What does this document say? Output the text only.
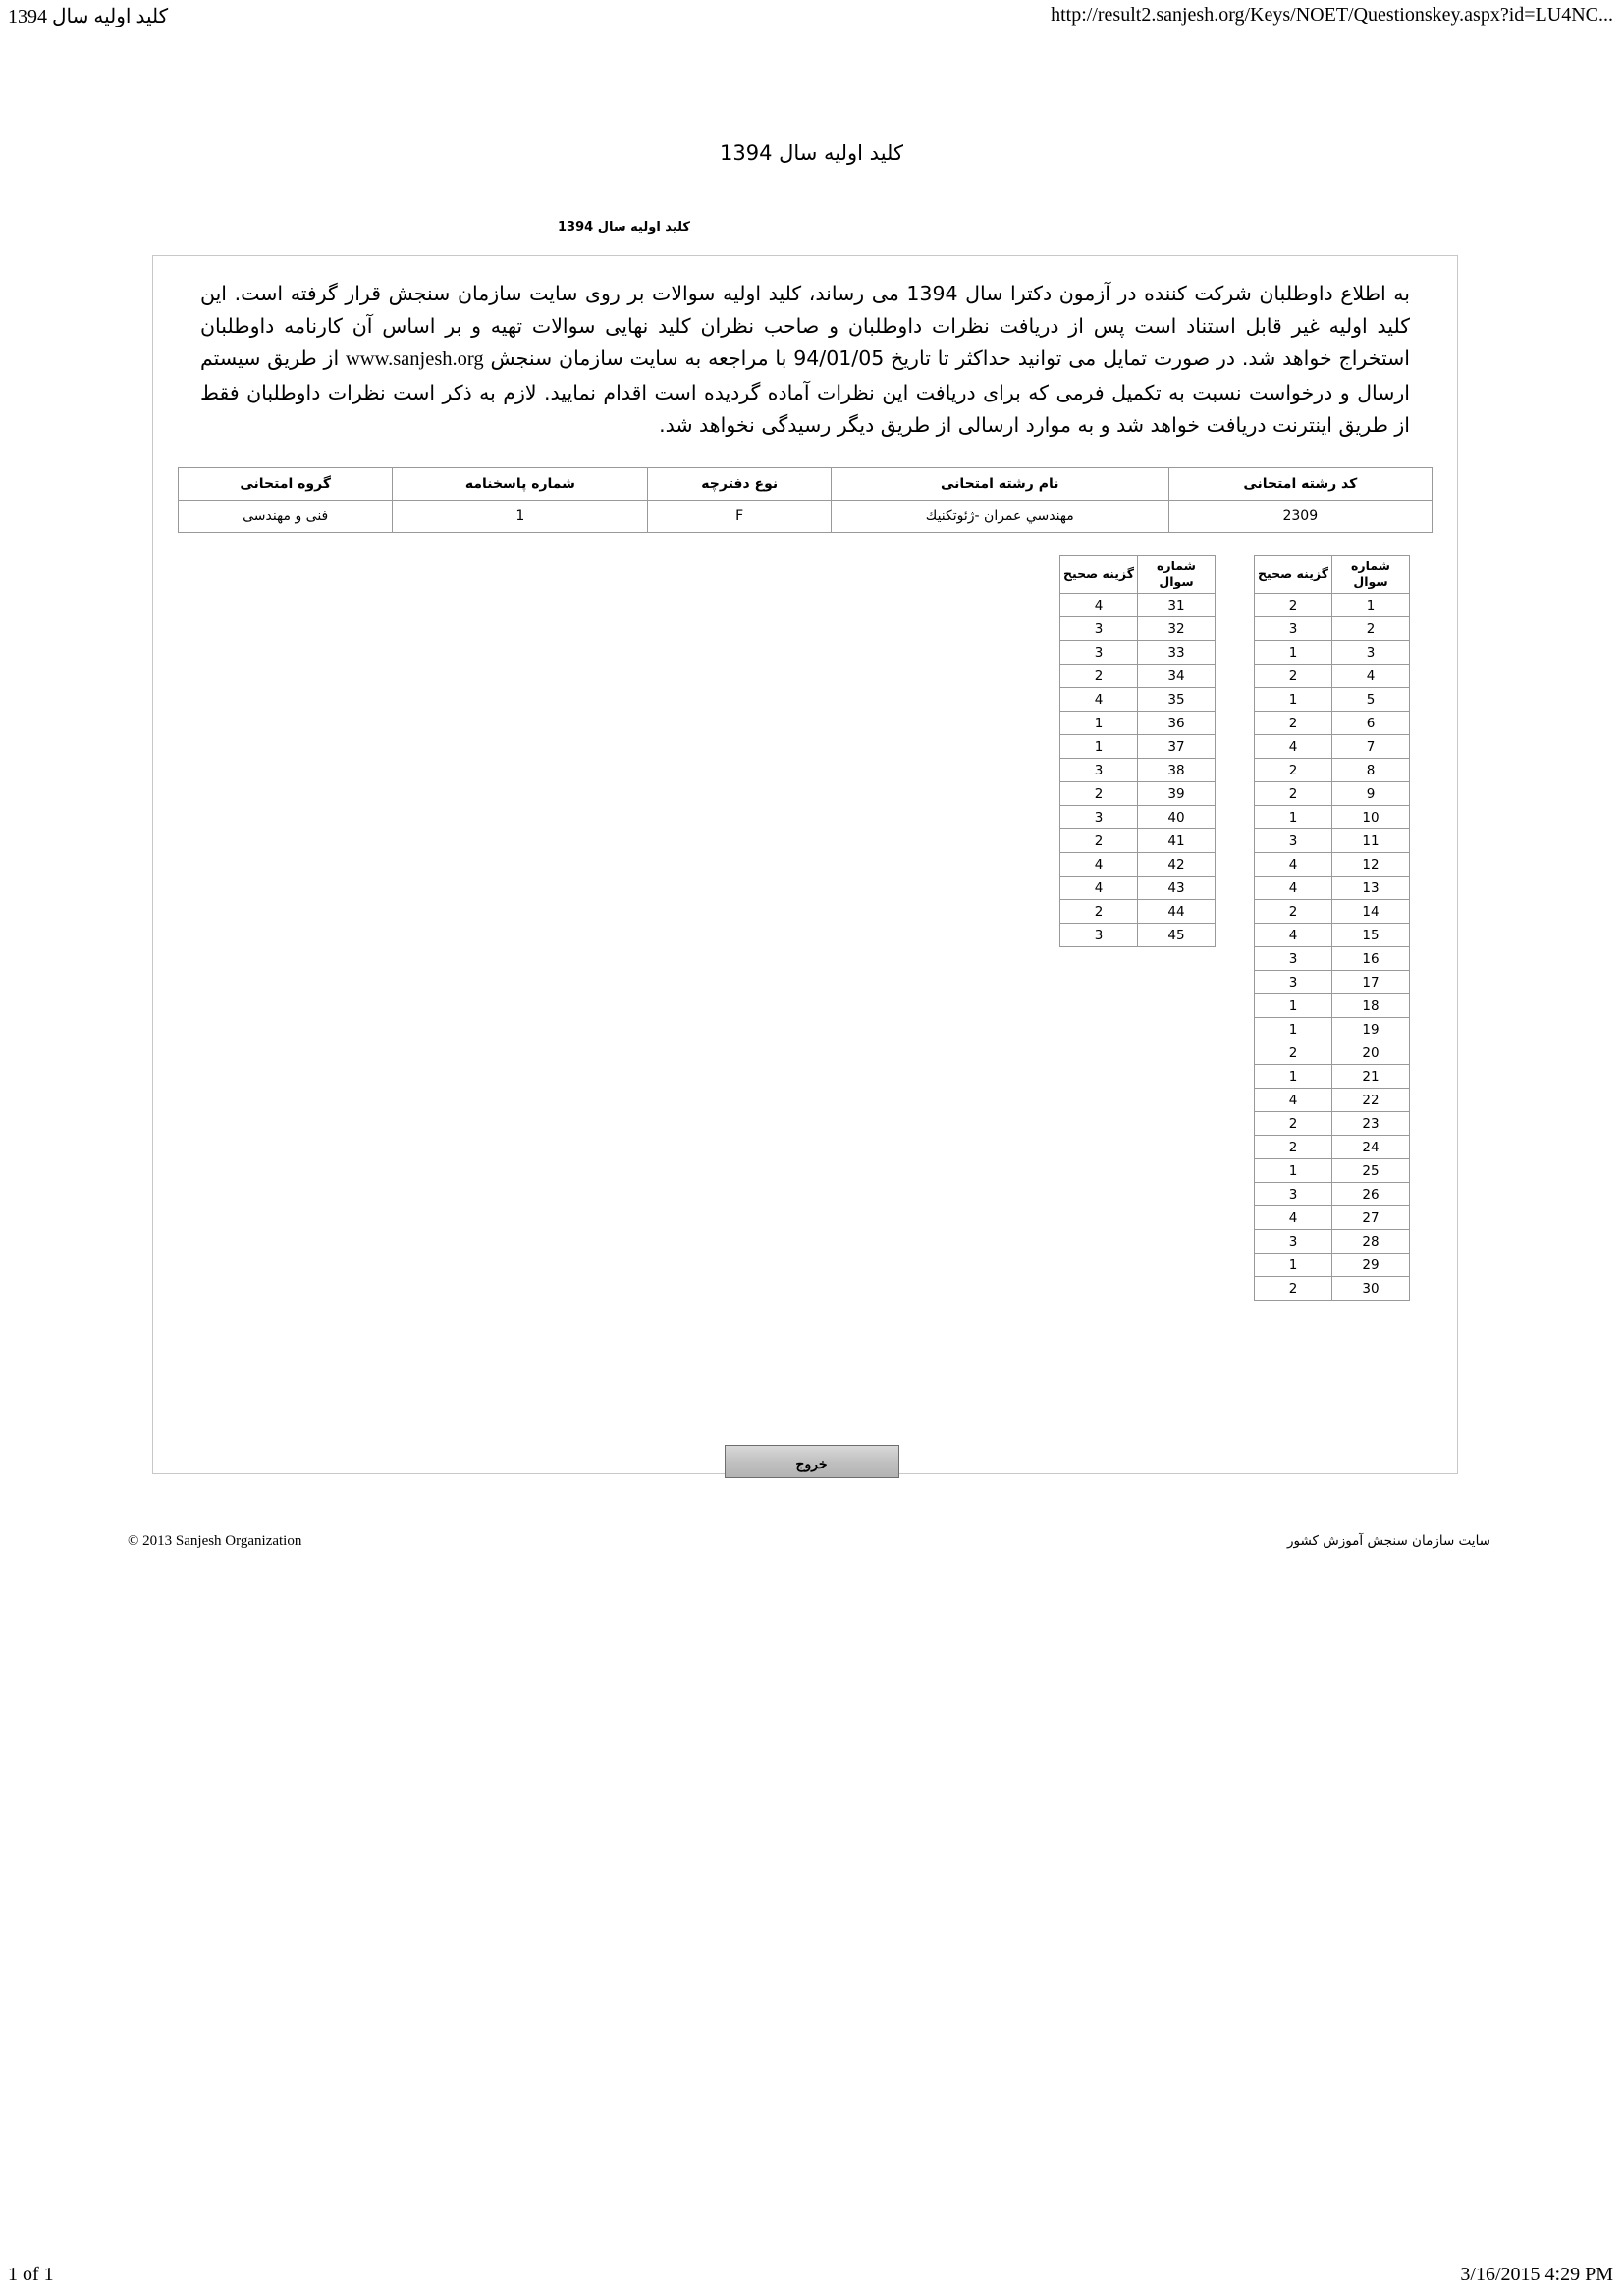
کلید اولیه سال 1394	http://result2.sanjesh.org/Keys/NOET/Questionskey.aspx?id=LU4NC...
کلید اولیه سال 1394
کلید اولیه سال 1394

به اطلاع داوطلبان شرکت کننده در آزمون دکترا سال 1394 می رساند، کلید اولیه سوالات بر روی سایت سازمان سنجش قرار گرفته است. این کلید اولیه غیر قابل استناد است پس از دریافت نظرات داوطلبان و صاحب نظران کلید نهایی سوالات تهیه و بر اساس آن کارنامه داوطلبان استخراج خواهد شد. در صورت تمایل می توانید حداکثر تا تاریخ 94/01/05 با مراجعه به سایت سازمان سنجش www.sanjesh.org از طریق سیستم ارسال و درخواست نسبت به تکمیل فرمی که برای دریافت این نظرات آماده گردیده است اقدام نمایید. لازم به ذکر است نظرات داوطلبان فقط از طریق اینترنت دریافت خواهد شد و به موارد ارسالی از طریق دیگر رسیدگی نخواهد شد.

کد رشته امتحانی	نام رشته امتحانی	نوع دفترچه	شماره پاسخنامه	گروه امتحانی
2309	مهندسي عمران -ژئوتكنيك	F	1	فنی و مهندسی
شماره سوال	گزینه صحیح
1	2
2	3
3	1
4	2
5	1
6	2
7	4
8	2
9	2
10	1
11	3
12	4
13	4
14	2
15	4
16	3
17	3
18	1
19	1
20	2
21	1
22	4
23	2
24	2
25	1
26	3
27	4
28	3
29	1
30	2
شماره سوال	گزینه صحیح
31	4
32	3
33	3
34	2
35	4
36	1
37	1
38	3
39	2
40	3
41	2
42	4
43	4
44	2
45	3
خروج
سایت سازمان سنجش آموزش کشور
© 2013 Sanjesh Organization
1 of 1	3/16/2015 4:29 PM
